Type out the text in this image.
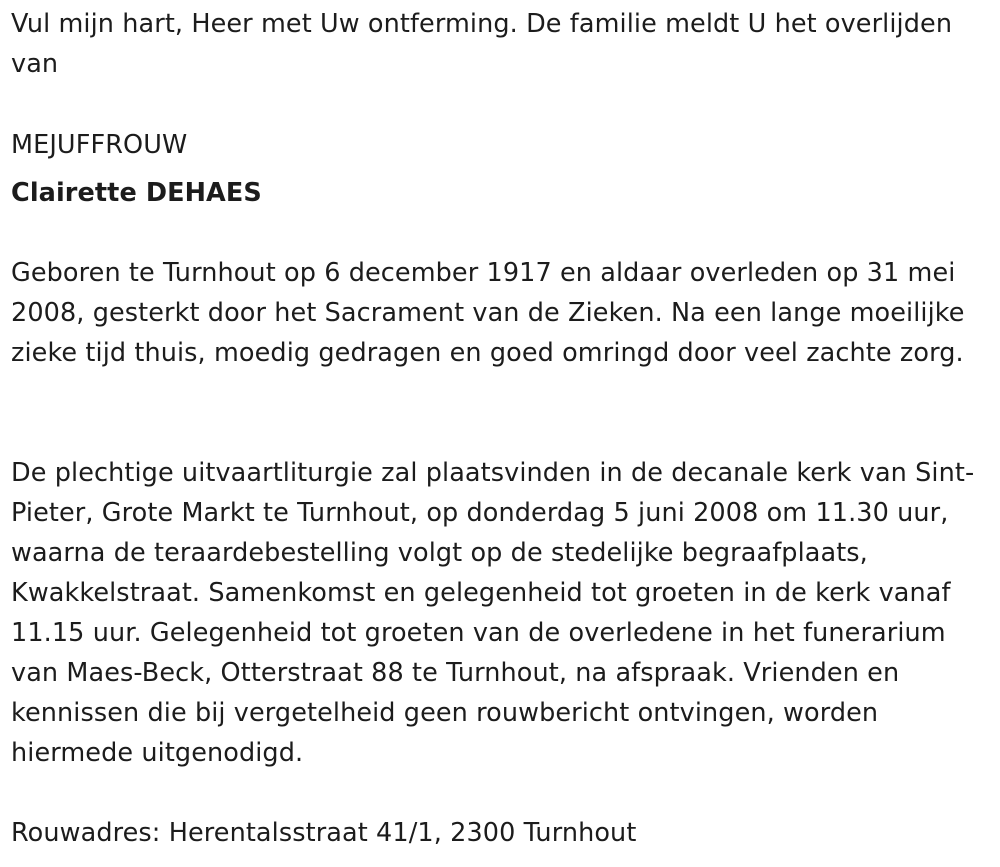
Vul mijn hart, Heer met Uw ontferming. De familie meldt U het overlijden van

MEJUFFROUW

Clairette DEHAES

Geboren te Turnhout op 6 december 1917 en aldaar overleden op 31 mei 2008, gesterkt door het Sacrament van de Zieken. Na een lange moeilijke zieke tijd thuis, moedig gedragen en goed omringd door veel zachte zorg.

De plechtige uitvaartliturgie zal plaatsvinden in de decanale kerk van Sint-Pieter, Grote Markt te Turnhout, op donderdag 5 juni 2008 om 11.30 uur, waarna de teraardebestelling volgt op de stedelijke begraafplaats, Kwakkelstraat. Samenkomst en gelegenheid tot groeten in de kerk vanaf 11.15 uur. Gelegenheid tot groeten van de overledene in het funerarium van Maes-Beck, Otterstraat 88 te Turnhout, na afspraak. Vrienden en kennissen die bij vergetelheid geen rouwbericht ontvingen, worden hiermede uitgenodigd.

Rouwadres: Herentalsstraat 41/1, 2300 Turnhout
